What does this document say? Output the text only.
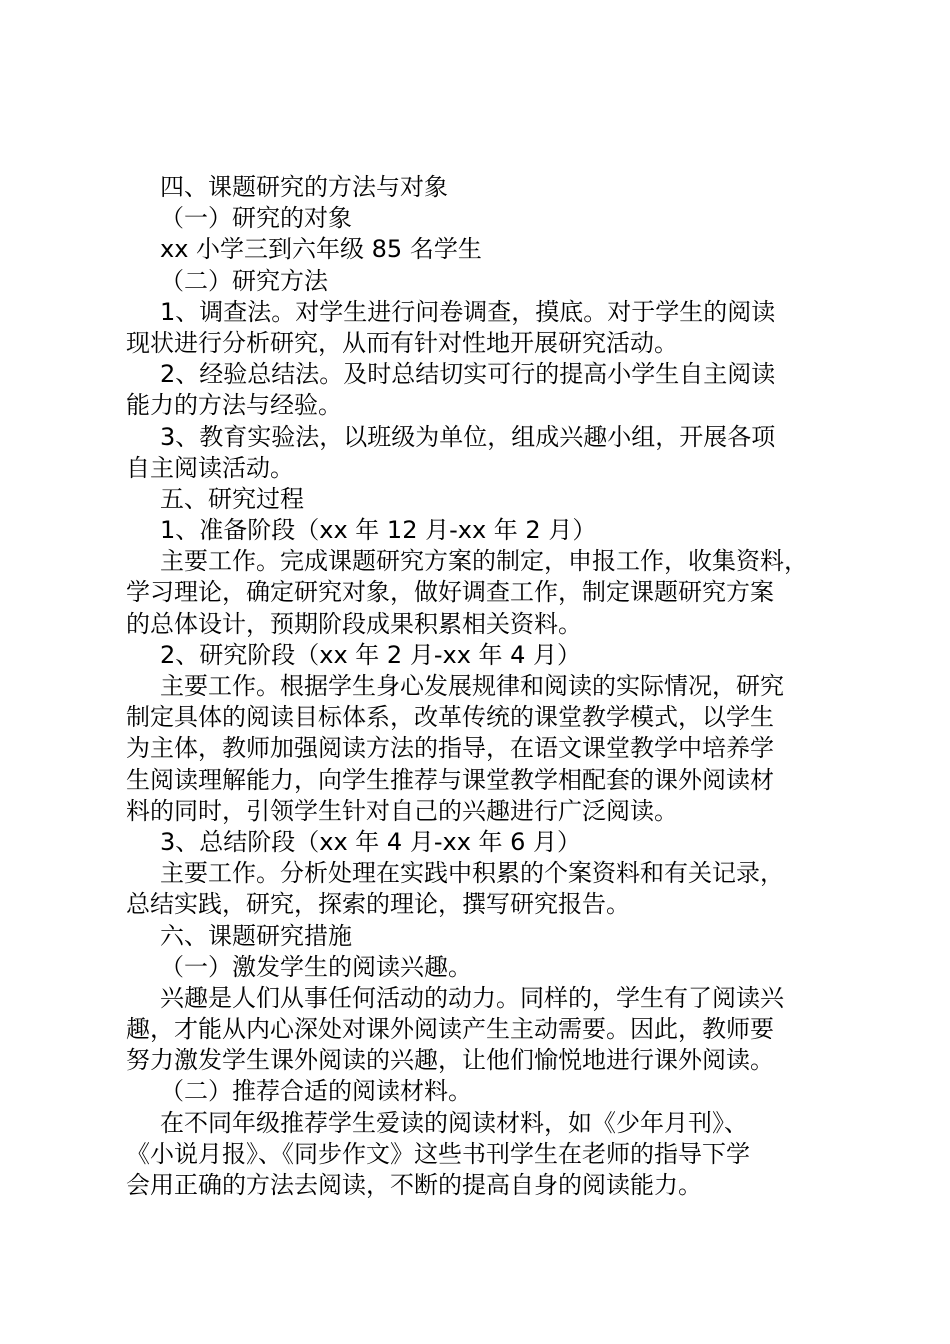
四、课题研究的方法与对象
（一）研究的对象
xx 小学三到六年级 85 名学生
（二）研究方法
1、调查法。对学生进行问卷调查，摸底。对于学生的阅读
现状进行分析研究，从而有针对性地开展研究活动。
2、经验总结法。及时总结切实可行的提高小学生自主阅读
能力的方法与经验。
3、教育实验法，以班级为单位，组成兴趣小组，开展各项
自主阅读活动。
五、研究过程
1、准备阶段（xx 年 12 月-xx 年 2 月）
主要工作。完成课题研究方案的制定，申报工作，收集资料，
学习理论，确定研究对象，做好调查工作，制定课题研究方案
的总体设计，预期阶段成果积累相关资料。
2、研究阶段（xx 年 2 月-xx 年 4 月）
主要工作。根据学生身心发展规律和阅读的实际情况，研究
制定具体的阅读目标体系，改革传统的课堂教学模式，以学生
为主体，教师加强阅读方法的指导，在语文课堂教学中培养学
生阅读理解能力，向学生推荐与课堂教学相配套的课外阅读材
料的同时，引领学生针对自己的兴趣进行广泛阅读。
3、总结阶段（xx 年 4 月-xx 年 6 月）
主要工作。分析处理在实践中积累的个案资料和有关记录，
总结实践，研究，探索的理论，撰写研究报告。
六、课题研究措施
（一）激发学生的阅读兴趣。
兴趣是人们从事任何活动的动力。同样的，学生有了阅读兴
趣，才能从内心深处对课外阅读产生主动需要。因此，教师要
努力激发学生课外阅读的兴趣，让他们愉悦地进行课外阅读。
（二）推荐合适的阅读材料。
在不同年级推荐学生爱读的阅读材料，如《少年月刊》、
《小说月报》、《同步作文》这些书刊学生在老师的指导下学
会用正确的方法去阅读，不断的提高自身的阅读能力。
